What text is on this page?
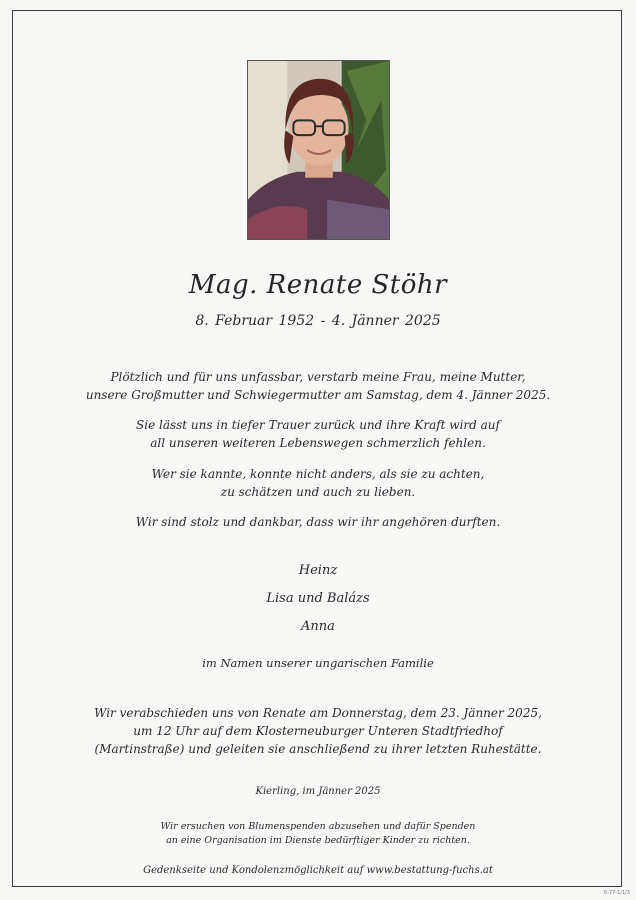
Mag. Renate Stöhr
8. Februar 1952 - 4. Jänner 2025
Plötzlich und für uns unfassbar, verstarb meine Frau, meine Mutter,
unsere Großmutter und Schwiegermutter am Samstag, dem 4. Jänner 2025.
Sie lässt uns in tiefer Trauer zurück und ihre Kraft wird auf
all unseren weiteren Lebenswegen schmerzlich fehlen.
Wer sie kannte, konnte nicht anders, als sie zu achten,
zu schätzen und auch zu lieben.
Wir sind stolz und dankbar, dass wir ihr angehören durften.
Heinz
Lisa und Balázs
Anna
im Namen unserer ungarischen Familie
Wir verabschieden uns von Renate am Donnerstag, dem 23. Jänner 2025,
um 12 Uhr auf dem Klosterneuburger Unteren Stadtfriedhof
(Martinstraße) und geleiten sie anschließend zu ihrer letzten Ruhestätte.
Kierling, im Jänner 2025
Wir ersuchen von Blumenspenden abzusehen und dafür Spenden
an eine Organisation im Dienste bedürftiger Kinder zu richten.
Gedenkseite und Kondolenzmöglichkeit auf www.bestattung-fuchs.at
6-77-1/1/3
